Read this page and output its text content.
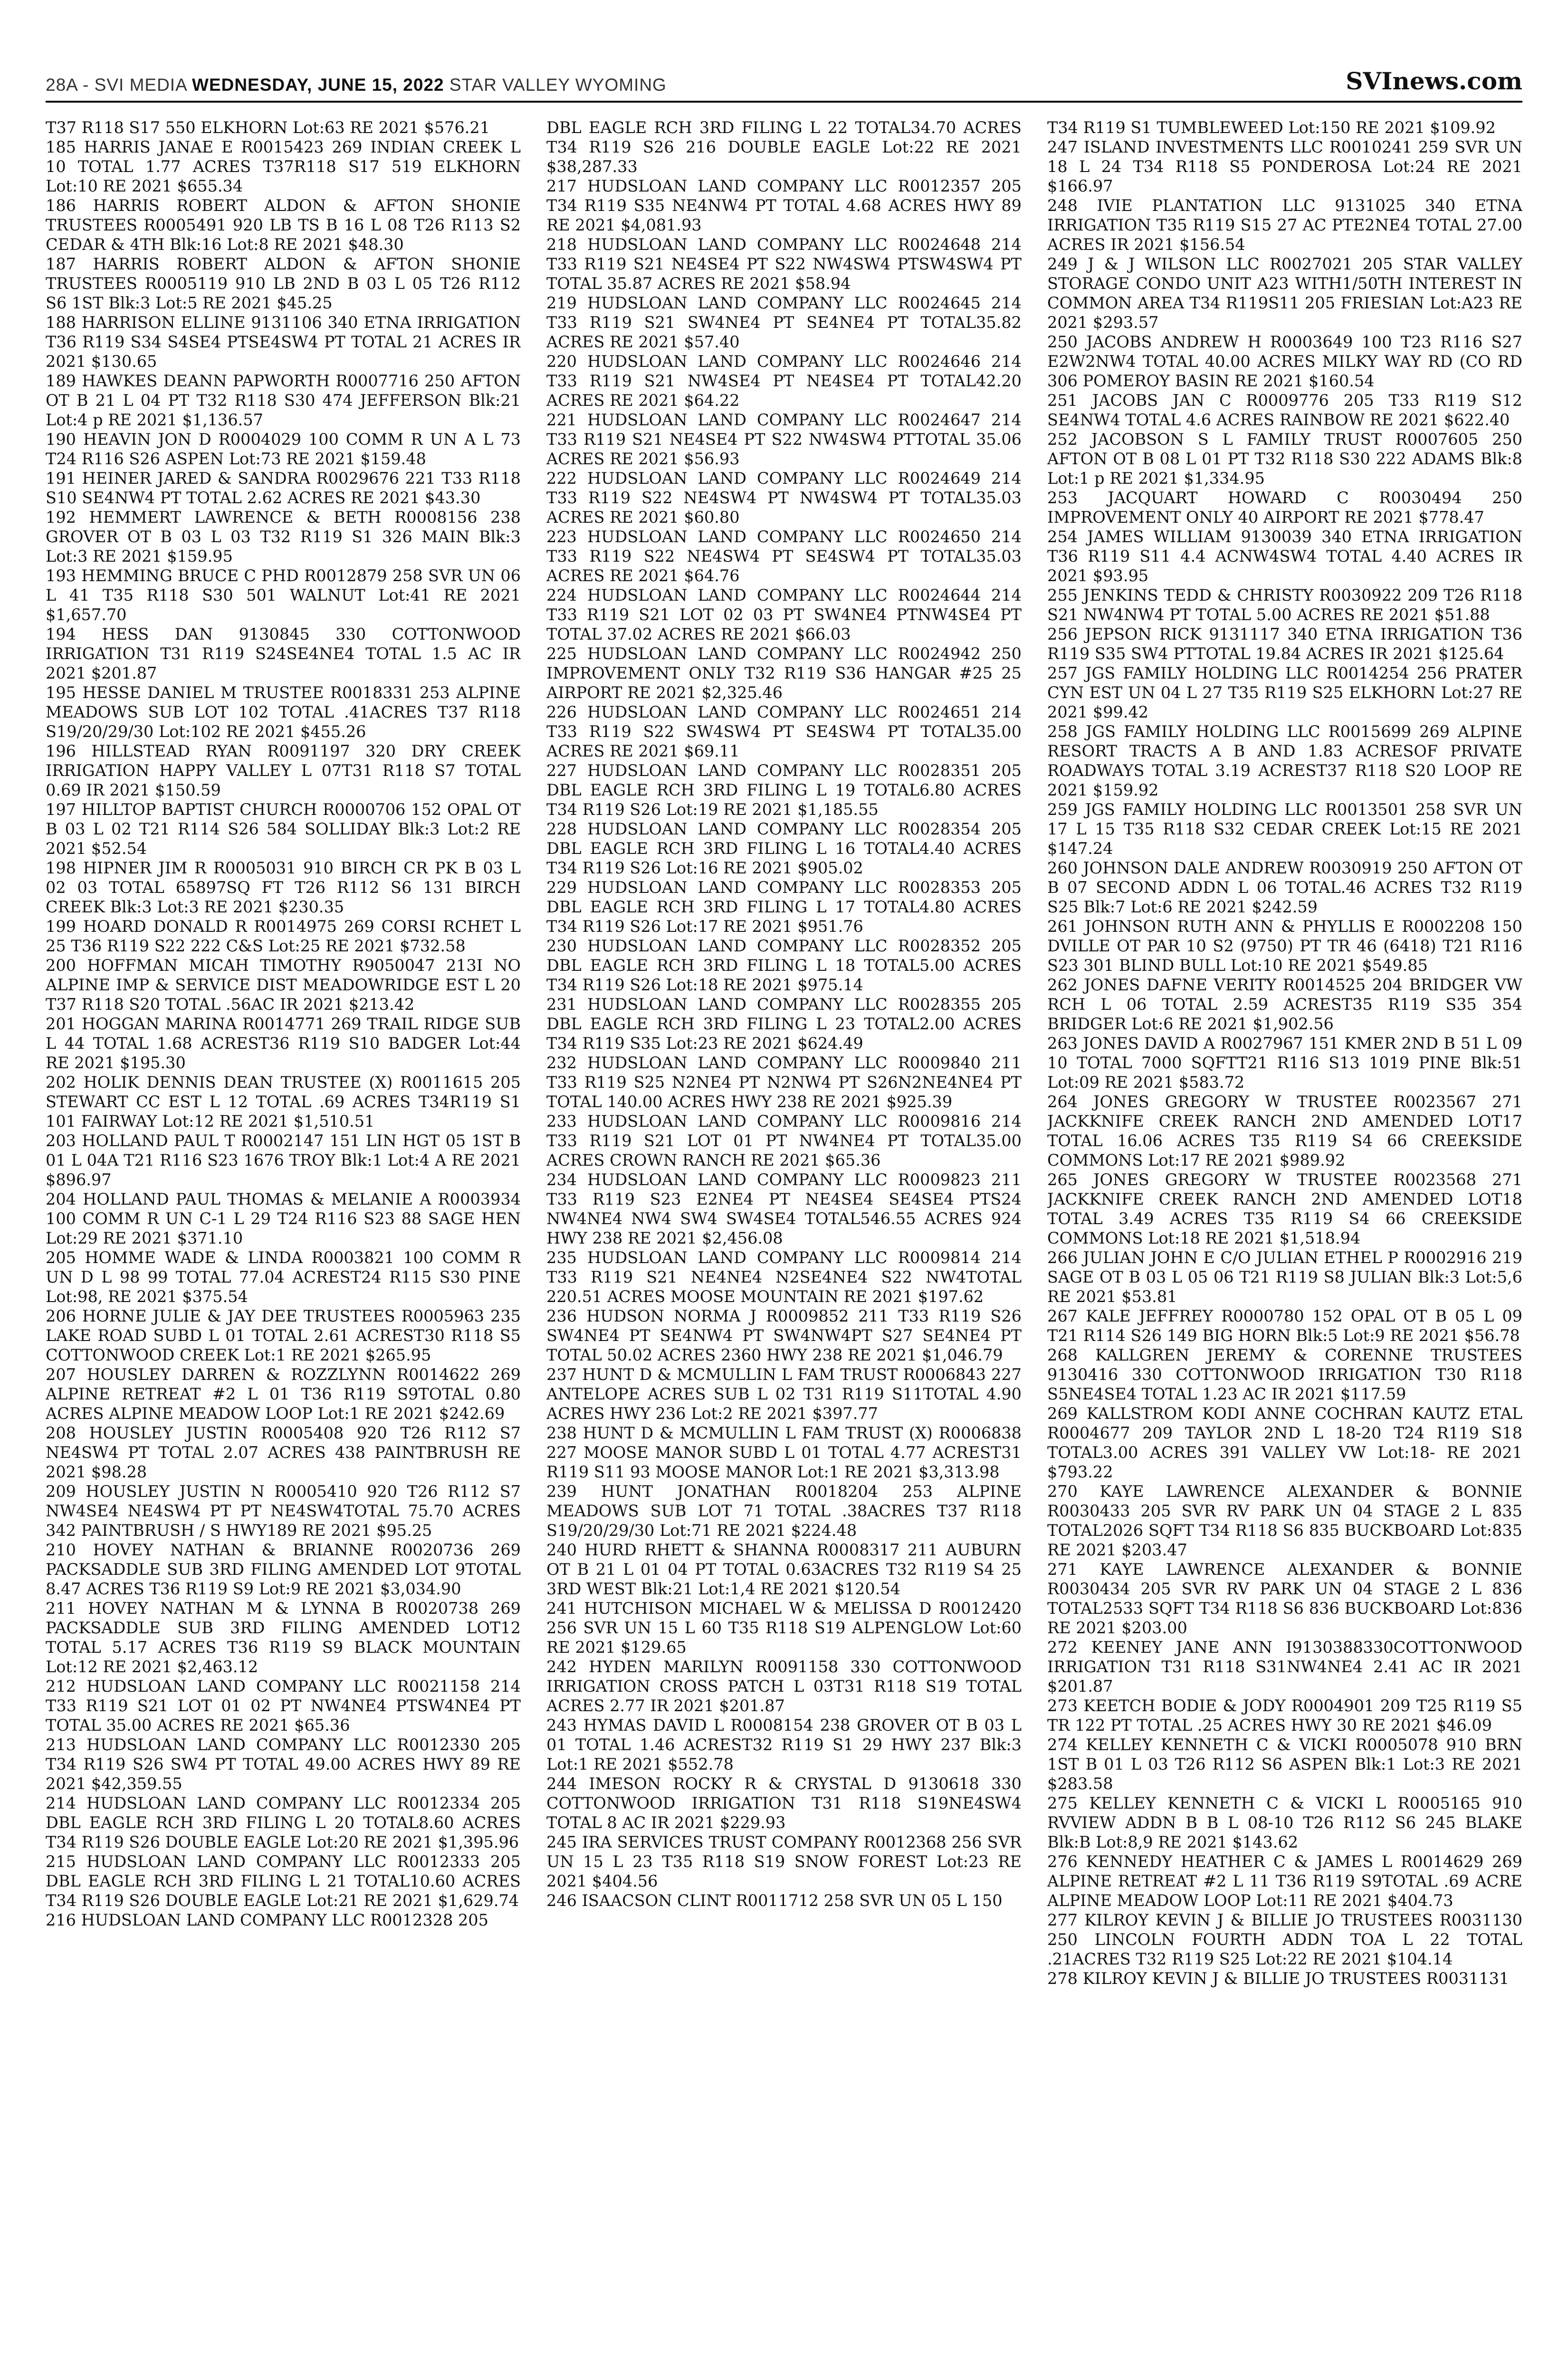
28A - SVI MEDIA WEDNESDAY, JUNE 15, 2022 STAR VALLEY WYOMING	SVInews.com

T37 R118 S17 550 ELKHORN Lot:63 RE 2021 $576.21

185 HARRIS JANAE E R0015423 269 INDIAN CREEK L 10 TOTAL 1.77 ACRES T37R118 S17 519 ELKHORN Lot:10 RE 2021 $655.34

186 HARRIS ROBERT ALDON & AFTON SHONIE TRUSTEES R0005491 920 LB TS B 16 L 08 T26 R113 S2 CEDAR & 4TH Blk:16 Lot:8 RE 2021 $48.30

187 HARRIS ROBERT ALDON & AFTON SHONIE TRUSTEES R0005119 910 LB 2ND B 03 L 05 T26 R112 S6 1ST Blk:3 Lot:5 RE 2021 $45.25

188 HARRISON ELLINE 9131106 340 ETNA IRRIGATION T36 R119 S34 S4SE4 PTSE4SW4 PT TOTAL 21 ACRES IR 2021 $130.65

189 HAWKES DEANN PAPWORTH R0007716 250 AFTON OT B 21 L 04 PT T32 R118 S30 474 JEFFERSON Blk:21 Lot:4 p RE 2021 $1,136.57

190 HEAVIN JON D R0004029 100 COMM R UN A L 73 T24 R116 S26 ASPEN Lot:73 RE 2021 $159.48

191 HEINER JARED & SANDRA R0029676 221 T33 R118 S10 SE4NW4 PT TOTAL 2.62 ACRES RE 2021 $43.30

192 HEMMERT LAWRENCE & BETH R0008156 238 GROVER OT B 03 L 03 T32 R119 S1 326 MAIN Blk:3 Lot:3 RE 2021 $159.95

193 HEMMING BRUCE C PHD R0012879 258 SVR UN 06 L 41 T35 R118 S30 501 WALNUT Lot:41 RE 2021 $1,657.70

194 HESS DAN 9130845 330 COTTONWOOD IRRIGATION T31 R119 S24SE4NE4 TOTAL 1.5 AC IR 2021 $201.87

195 HESSE DANIEL M TRUSTEE R0018331 253 ALPINE MEADOWS SUB LOT 102 TOTAL .41ACRES T37 R118 S19/20/29/30 Lot:102 RE 2021 $455.26

196 HILLSTEAD RYAN R0091197 320 DRY CREEK IRRIGATION HAPPY VALLEY L 07T31 R118 S7 TOTAL 0.69 IR 2021 $150.59

197 HILLTOP BAPTIST CHURCH R0000706 152 OPAL OT B 03 L 02 T21 R114 S26 584 SOLLIDAY Blk:3 Lot:2 RE 2021 $52.54

198 HIPNER JIM R R0005031 910 BIRCH CR PK B 03 L 02 03 TOTAL 65897SQ FT T26 R112 S6 131 BIRCH CREEK Blk:3 Lot:3 RE 2021 $230.35

199 HOARD DONALD R R0014975 269 CORSI RCHET L 25 T36 R119 S22 222 C&S Lot:25 RE 2021 $732.58

200 HOFFMAN MICAH TIMOTHY R9050047 213I NO ALPINE IMP & SERVICE DIST MEADOWRIDGE EST L 20 T37 R118 S20 TOTAL .56AC IR 2021 $213.42

201 HOGGAN MARINA R0014771 269 TRAIL RIDGE SUB L 44 TOTAL 1.68 ACREST36 R119 S10 BADGER Lot:44 RE 2021 $195.30

202 HOLIK DENNIS DEAN TRUSTEE (X) R0011615 205 STEWART CC EST L 12 TOTAL .69 ACRES T34R119 S1 101 FAIRWAY Lot:12 RE 2021 $1,510.51

203 HOLLAND PAUL T R0002147 151 LIN HGT 05 1ST B 01 L 04A T21 R116 S23 1676 TROY Blk:1 Lot:4 A RE 2021 $896.97

204 HOLLAND PAUL THOMAS & MELANIE A R0003934 100 COMM R UN C-1 L 29 T24 R116 S23 88 SAGE HEN Lot:29 RE 2021 $371.10

205 HOMME WADE & LINDA R0003821 100 COMM R UN D L 98 99 TOTAL 77.04 ACREST24 R115 S30 PINE Lot:98, RE 2021 $375.54

206 HORNE JULIE & JAY DEE TRUSTEES R0005963 235 LAKE ROAD SUBD L 01 TOTAL 2.61 ACREST30 R118 S5 COTTONWOOD CREEK Lot:1 RE 2021 $265.95

207 HOUSLEY DARREN & ROZZLYNN R0014622 269 ALPINE RETREAT #2 L 01 T36 R119 S9TOTAL 0.80 ACRES ALPINE MEADOW LOOP Lot:1 RE 2021 $242.69

208 HOUSLEY JUSTIN R0005408 920 T26 R112 S7 NE4SW4 PT TOTAL 2.07 ACRES 438 PAINTBRUSH RE 2021 $98.28

209 HOUSLEY JUSTIN N R0005410 920 T26 R112 S7 NW4SE4 NE4SW4 PT PT NE4SW4TOTAL 75.70 ACRES 342 PAINTBRUSH / S HWY189 RE 2021 $95.25

210 HOVEY NATHAN & BRIANNE R0020736 269 PACKSADDLE SUB 3RD FILING AMENDED LOT 9TOTAL 8.47 ACRES T36 R119 S9 Lot:9 RE 2021 $3,034.90

211 HOVEY NATHAN M & LYNNA B R0020738 269 PACKSADDLE SUB 3RD FILING AMENDED LOT12 TOTAL 5.17 ACRES T36 R119 S9 BLACK MOUNTAIN Lot:12 RE 2021 $2,463.12

212 HUDSLOAN LAND COMPANY LLC R0021158 214 T33 R119 S21 LOT 01 02 PT NW4NE4 PTSW4NE4 PT TOTAL 35.00 ACRES RE 2021 $65.36

213 HUDSLOAN LAND COMPANY LLC R0012330 205 T34 R119 S26 SW4 PT TOTAL 49.00 ACRES HWY 89 RE 2021 $42,359.55

214 HUDSLOAN LAND COMPANY LLC R0012334 205 DBL EAGLE RCH 3RD FILING L 20 TOTAL8.60 ACRES T34 R119 S26 DOUBLE EAGLE Lot:20 RE 2021 $1,395.96

215 HUDSLOAN LAND COMPANY LLC R0012333 205 DBL EAGLE RCH 3RD FILING L 21 TOTAL10.60 ACRES T34 R119 S26 DOUBLE EAGLE Lot:21 RE 2021 $1,629.74

216 HUDSLOAN LAND COMPANY LLC R0012328 205

DBL EAGLE RCH 3RD FILING L 22 TOTAL34.70 ACRES T34 R119 S26 216 DOUBLE EAGLE Lot:22 RE 2021 $38,287.33

217 HUDSLOAN LAND COMPANY LLC R0012357 205 T34 R119 S35 NE4NW4 PT TOTAL 4.68 ACRES HWY 89 RE 2021 $4,081.93

218 HUDSLOAN LAND COMPANY LLC R0024648 214 T33 R119 S21 NE4SE4 PT S22 NW4SW4 PTSW4SW4 PT TOTAL 35.87 ACRES RE 2021 $58.94

219 HUDSLOAN LAND COMPANY LLC R0024645 214 T33 R119 S21 SW4NE4 PT SE4NE4 PT TOTAL35.82 ACRES RE 2021 $57.40

220 HUDSLOAN LAND COMPANY LLC R0024646 214 T33 R119 S21 NW4SE4 PT NE4SE4 PT TOTAL42.20 ACRES RE 2021 $64.22

221 HUDSLOAN LAND COMPANY LLC R0024647 214 T33 R119 S21 NE4SE4 PT S22 NW4SW4 PTTOTAL 35.06 ACRES RE 2021 $56.93

222 HUDSLOAN LAND COMPANY LLC R0024649 214 T33 R119 S22 NE4SW4 PT NW4SW4 PT TOTAL35.03 ACRES RE 2021 $60.80

223 HUDSLOAN LAND COMPANY LLC R0024650 214 T33 R119 S22 NE4SW4 PT SE4SW4 PT TOTAL35.03 ACRES RE 2021 $64.76

224 HUDSLOAN LAND COMPANY LLC R0024644 214 T33 R119 S21 LOT 02 03 PT SW4NE4 PTNW4SE4 PT TOTAL 37.02 ACRES RE 2021 $66.03

225 HUDSLOAN LAND COMPANY LLC R0024942 250 IMPROVEMENT ONLY T32 R119 S36 HANGAR #25 25 AIRPORT RE 2021 $2,325.46

226 HUDSLOAN LAND COMPANY LLC R0024651 214 T33 R119 S22 SW4SW4 PT SE4SW4 PT TOTAL35.00 ACRES RE 2021 $69.11

227 HUDSLOAN LAND COMPANY LLC R0028351 205 DBL EAGLE RCH 3RD FILING L 19 TOTAL6.80 ACRES T34 R119 S26 Lot:19 RE 2021 $1,185.55

228 HUDSLOAN LAND COMPANY LLC R0028354 205 DBL EAGLE RCH 3RD FILING L 16 TOTAL4.40 ACRES T34 R119 S26 Lot:16 RE 2021 $905.02

229 HUDSLOAN LAND COMPANY LLC R0028353 205 DBL EAGLE RCH 3RD FILING L 17 TOTAL4.80 ACRES T34 R119 S26 Lot:17 RE 2021 $951.76

230 HUDSLOAN LAND COMPANY LLC R0028352 205 DBL EAGLE RCH 3RD FILING L 18 TOTAL5.00 ACRES T34 R119 S26 Lot:18 RE 2021 $975.14

231 HUDSLOAN LAND COMPANY LLC R0028355 205 DBL EAGLE RCH 3RD FILING L 23 TOTAL2.00 ACRES T34 R119 S35 Lot:23 RE 2021 $624.49

232 HUDSLOAN LAND COMPANY LLC R0009840 211 T33 R119 S25 N2NE4 PT N2NW4 PT S26N2NE4NE4 PT TOTAL 140.00 ACRES HWY 238 RE 2021 $925.39

233 HUDSLOAN LAND COMPANY LLC R0009816 214 T33 R119 S21 LOT 01 PT NW4NE4 PT TOTAL35.00 ACRES CROWN RANCH RE 2021 $65.36

234 HUDSLOAN LAND COMPANY LLC R0009823 211 T33 R119 S23 E2NE4 PT NE4SE4 SE4SE4 PTS24 NW4NE4 NW4 SW4 SW4SE4 TOTAL546.55 ACRES 924 HWY 238 RE 2021 $2,456.08

235 HUDSLOAN LAND COMPANY LLC R0009814 214 T33 R119 S21 NE4NE4 N2SE4NE4 S22 NW4TOTAL 220.51 ACRES MOOSE MOUNTAIN RE 2021 $197.62

236 HUDSON NORMA J R0009852 211 T33 R119 S26 SW4NE4 PT SE4NW4 PT SW4NW4PT S27 SE4NE4 PT TOTAL 50.02 ACRES 2360 HWY 238 RE 2021 $1,046.79

237 HUNT D & MCMULLIN L FAM TRUST R0006843 227 ANTELOPE ACRES SUB L 02 T31 R119 S11TOTAL 4.90 ACRES HWY 236 Lot:2 RE 2021 $397.77

238 HUNT D & MCMULLIN L FAM TRUST (X) R0006838 227 MOOSE MANOR SUBD L 01 TOTAL 4.77 ACREST31 R119 S11 93 MOOSE MANOR Lot:1 RE 2021 $3,313.98

239 HUNT JONATHAN R0018204 253 ALPINE MEADOWS SUB LOT 71 TOTAL .38ACRES T37 R118 S19/20/29/30 Lot:71 RE 2021 $224.48

240 HURD RHETT & SHANNA R0008317 211 AUBURN OT B 21 L 01 04 PT TOTAL 0.63ACRES T32 R119 S4 25 3RD WEST Blk:21 Lot:1,4 RE 2021 $120.54

241 HUTCHISON MICHAEL W & MELISSA D R0012420 256 SVR UN 15 L 60 T35 R118 S19 ALPENGLOW Lot:60 RE 2021 $129.65

242 HYDEN MARILYN R0091158 330 COTTONWOOD IRRIGATION CROSS PATCH L 03T31 R118 S19 TOTAL ACRES 2.77 IR 2021 $201.87

243 HYMAS DAVID L R0008154 238 GROVER OT B 03 L 01 TOTAL 1.46 ACREST32 R119 S1 29 HWY 237 Blk:3 Lot:1 RE 2021 $552.78

244 IMESON ROCKY R & CRYSTAL D 9130618 330 COTTONWOOD IRRIGATION T31 R118 S19NE4SW4 TOTAL 8 AC IR 2021 $229.93

245 IRA SERVICES TRUST COMPANY R0012368 256 SVR UN 15 L 23 T35 R118 S19 SNOW FOREST Lot:23 RE 2021 $404.56

246 ISAACSON CLINT R0011712 258 SVR UN 05 L 150

T34 R119 S1 TUMBLEWEED Lot:150 RE 2021 $109.92

247 ISLAND INVESTMENTS LLC R0010241 259 SVR UN 18 L 24 T34 R118 S5 PONDEROSA Lot:24 RE 2021 $166.97

248 IVIE PLANTATION LLC 9131025 340 ETNA IRRIGATION T35 R119 S15 27 AC PTE2NE4 TOTAL 27.00 ACRES IR 2021 $156.54

249 J & J WILSON LLC R0027021 205 STAR VALLEY STORAGE CONDO UNIT A23 WITH1/50TH INTEREST IN COMMON AREA T34 R119S11 205 FRIESIAN Lot:A23 RE 2021 $293.57

250 JACOBS ANDREW H R0003649 100 T23 R116 S27 E2W2NW4 TOTAL 40.00 ACRES MILKY WAY RD (CO RD 306 POMEROY BASIN RE 2021 $160.54

251 JACOBS JAN C R0009776 205 T33 R119 S12 SE4NW4 TOTAL 4.6 ACRES RAINBOW RE 2021 $622.40

252 JACOBSON S L FAMILY TRUST R0007605 250 AFTON OT B 08 L 01 PT T32 R118 S30 222 ADAMS Blk:8 Lot:1 p RE 2021 $1,334.95

253 JACQUART HOWARD C R0030494 250 IMPROVEMENT ONLY 40 AIRPORT RE 2021 $778.47

254 JAMES WILLIAM 9130039 340 ETNA IRRIGATION T36 R119 S11 4.4 ACNW4SW4 TOTAL 4.40 ACRES IR 2021 $93.95

255 JENKINS TEDD & CHRISTY R0030922 209 T26 R118 S21 NW4NW4 PT TOTAL 5.00 ACRES RE 2021 $51.88

256 JEPSON RICK 9131117 340 ETNA IRRIGATION T36 R119 S35 SW4 PTTOTAL 19.84 ACRES IR 2021 $125.64

257 JGS FAMILY HOLDING LLC R0014254 256 PRATER CYN EST UN 04 L 27 T35 R119 S25 ELKHORN Lot:27 RE 2021 $99.42

258 JGS FAMILY HOLDING LLC R0015699 269 ALPINE RESORT TRACTS A B AND 1.83 ACRESOF PRIVATE ROADWAYS TOTAL 3.19 ACREST37 R118 S20 LOOP RE 2021 $159.92

259 JGS FAMILY HOLDING LLC R0013501 258 SVR UN 17 L 15 T35 R118 S32 CEDAR CREEK Lot:15 RE 2021 $147.24

260 JOHNSON DALE ANDREW R0030919 250 AFTON OT B 07 SECOND ADDN L 06 TOTAL.46 ACRES T32 R119 S25 Blk:7 Lot:6 RE 2021 $242.59

261 JOHNSON RUTH ANN & PHYLLIS E R0002208 150 DVILLE OT PAR 10 S2 (9750) PT TR 46 (6418) T21 R116 S23 301 BLIND BULL Lot:10 RE 2021 $549.85

262 JONES DAFNE VERITY R0014525 204 BRIDGER VW RCH L 06 TOTAL 2.59 ACREST35 R119 S35 354 BRIDGER Lot:6 RE 2021 $1,902.56

263 JONES DAVID A R0027967 151 KMER 2ND B 51 L 09 10 TOTAL 7000 SQFTT21 R116 S13 1019 PINE Blk:51 Lot:09 RE 2021 $583.72

264 JONES GREGORY W TRUSTEE R0023567 271 JACKKNIFE CREEK RANCH 2ND AMENDED LOT17 TOTAL 16.06 ACRES T35 R119 S4 66 CREEKSIDE COMMONS Lot:17 RE 2021 $989.92

265 JONES GREGORY W TRUSTEE R0023568 271 JACKKNIFE CREEK RANCH 2ND AMENDED LOT18 TOTAL 3.49 ACRES T35 R119 S4 66 CREEKSIDE COMMONS Lot:18 RE 2021 $1,518.94

266 JULIAN JOHN E C/O JULIAN ETHEL P R0002916 219 SAGE OT B 03 L 05 06 T21 R119 S8 JULIAN Blk:3 Lot:5,6 RE 2021 $53.81

267 KALE JEFFREY R0000780 152 OPAL OT B 05 L 09 T21 R114 S26 149 BIG HORN Blk:5 Lot:9 RE 2021 $56.78

268 KALLGREN JEREMY & CORENNE TRUSTEES 9130416 330 COTTONWOOD IRRIGATION T30 R118 S5NE4SE4 TOTAL 1.23 AC IR 2021 $117.59

269 KALLSTROM KODI ANNE COCHRAN KAUTZ ETAL R0004677 209 TAYLOR 2ND L 18-20 T24 R119 S18 TOTAL3.00 ACRES 391 VALLEY VW Lot:18- RE 2021 $793.22

270 KAYE LAWRENCE ALEXANDER & BONNIE R0030433 205 SVR RV PARK UN 04 STAGE 2 L 835 TOTAL2026 SQFT T34 R118 S6 835 BUCKBOARD Lot:835 RE 2021 $203.47

271 KAYE LAWRENCE ALEXANDER & BONNIE R0030434 205 SVR RV PARK UN 04 STAGE 2 L 836 TOTAL2533 SQFT T34 R118 S6 836 BUCKBOARD Lot:836 RE 2021 $203.00

272 KEENEY JANE ANN I9130388330COTTONWOOD IRRIGATION T31 R118 S31NW4NE4 2.41 AC IR 2021 $201.87

273 KEETCH BODIE & JODY R0004901 209 T25 R119 S5 TR 122 PT TOTAL .25 ACRES HWY 30 RE 2021 $46.09

274 KELLEY KENNETH C & VICKI R0005078 910 BRN 1ST B 01 L 03 T26 R112 S6 ASPEN Blk:1 Lot:3 RE 2021 $283.58

275 KELLEY KENNETH C & VICKI L R0005165 910 RVVIEW ADDN B B L 08-10 T26 R112 S6 245 BLAKE Blk:B Lot:8,9 RE 2021 $143.62

276 KENNEDY HEATHER C & JAMES L R0014629 269 ALPINE RETREAT #2 L 11 T36 R119 S9TOTAL .69 ACRE ALPINE MEADOW LOOP Lot:11 RE 2021 $404.73

277 KILROY KEVIN J & BILLIE JO TRUSTEES R0031130 250 LINCOLN FOURTH ADDN TOA L 22 TOTAL .21ACRES T32 R119 S25 Lot:22 RE 2021 $104.14

278 KILROY KEVIN J & BILLIE JO TRUSTEES R0031131
